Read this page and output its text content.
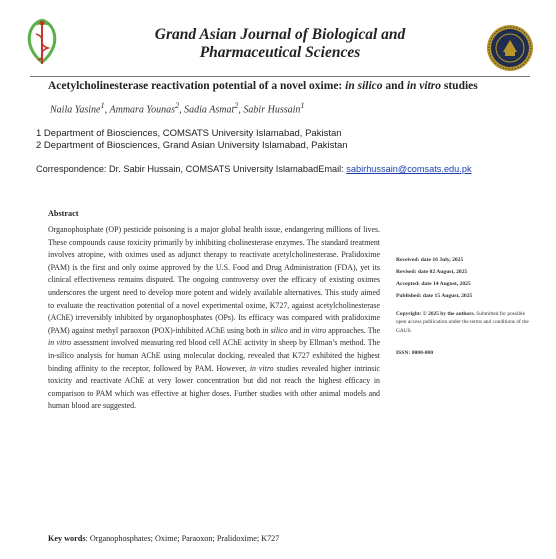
Grand Asian Journal of Biological and
Pharmaceutical Sciences
Acetylcholinesterase reactivation potential of a novel oxime: in silico and in vitro studies
Naila Yasine$^1$, Ammara Younas$^2$, Sadia Asmat$^2$, Sabir Hussain$^1$
1 Department of Biosciences, COMSATS University Islamabad, Pakistan
2 Department of Biosciences, Grand Asian University Islamabad, Pakistan
Correspondence: Dr. Sabir Hussain, COMSATS University IslamabadEmail: sabirhussain@comsats.edu.pk
Abstract
Organophosphate (OP) pesticide poisoning is a major global health issue, endangering millions of lives. These compounds cause toxicity primarily by inhibiting cholinesterase enzymes. The standard treatment involves atropine, with oximes used as adjunct therapy to reactivate acetylcholinesterase. Pralidoxime (PAM) is the first and only oxime approved by the U.S. Food and Drug Administration (FDA), yet its clinical effectiveness remains disputed. The ongoing controversy over the efficacy of existing oximes underscores the urgent need to develop more potent and widely available alternatives. This study aimed to evaluate the reactivation potential of a novel experimental oxime, K727, against acetylcholinesterase (AChE) irreversibly inhibited by organophosphates (OPs). Its efficacy was compared with pralidoxime (PAM) against methyl paraoxon (POX)-inhibited AChE using both in silico and in vitro approaches. The in vitro assessment involved measuring red blood cell AChE activity in sheep by Ellman’s method. The in-silico analysis for human AChE using molecular docking, revealed that K727 exhibited the highest binding affinity to the receptor, followed by PAM. However, in vitro studies revealed higher intrinsic toxicity and reactivate AChE at very lower concentration but did not reach the highest efficacy in comparison to PAM which was effective at higher doses. Further studies with other animal models and human blood are suggested.
Received: date 16 July, 2025
Revised: date 02 August, 2025
Accepted: date 14 August, 2025
Published: date 15 August, 2025
Copyright: © 2025 by the authors. Submitted for possible open access publication under the terms and conditions of the GAUS.
ISSN: 0000-000
Key words: Organophosphates; Oxime; Paraoxon; Pralidoxime; K727
